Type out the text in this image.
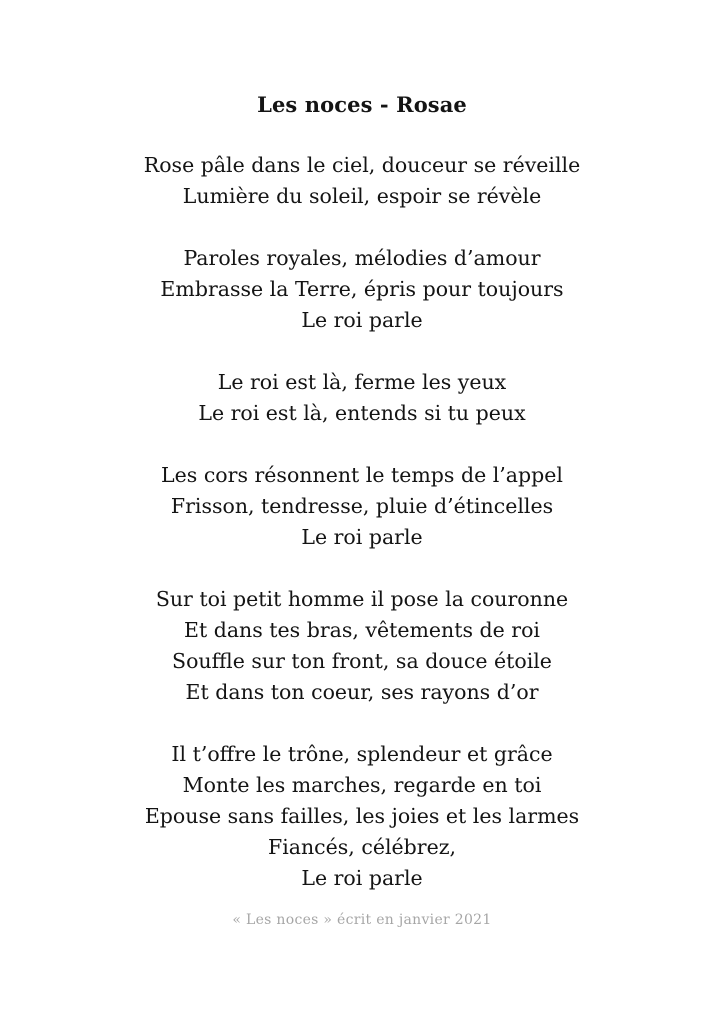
Les noces - Rosae
Rose pâle dans le ciel, douceur se réveille
Lumière du soleil, espoir se révèle
Paroles royales, mélodies d’amour
Embrasse la Terre, épris pour toujours
Le roi parle
Le roi est là, ferme les yeux
Le roi est là, entends si tu peux
Les cors résonnent le temps de l’appel
Frisson, tendresse, pluie d’étincelles
Le roi parle
Sur toi petit homme il pose la couronne
Et dans tes bras, vêtements de roi
Souffle sur ton front, sa douce étoile
Et dans ton coeur, ses rayons d’or
Il t’offre le trône, splendeur et grâce
Monte les marches, regarde en toi
Epouse sans failles, les joies et les larmes
Fiancés, célébrez,
Le roi parle
« Les noces » écrit en janvier 2021
